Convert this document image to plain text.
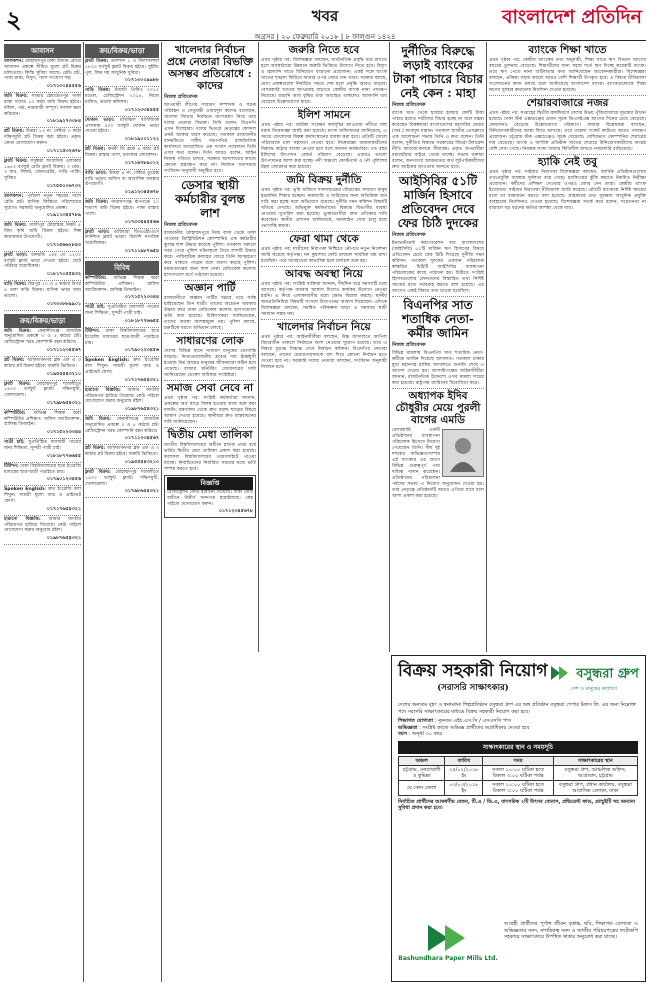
২	খবর	বাংলাদেশ প্রতিদিন
অগ্রসর | ২০ ফেব্রুয়ারি ২০১৮ | ৮ ফাল্গুন ১৪২৪
আবাসন

আলকশন: মোহাম্মদপুর ঢাকা উদ্যান রোডে আবাসন প্রকল্পে সীমিত মূল্যে প্লট বিক্রয় চলিতেছে। কিস্তি সুবিধা আছে। রেডি প্লট, পাকা রাস্তা, বিদ্যুৎ, গ্যাস সংযোগ সহ।

০১৭১৩০৪৪৫৫৬

জমি বিক্রয়: সাভার হেমায়েতপুর পাকা রাস্তা সংলগ্ন ১০ কাঠা জমি বিক্রয় হইবে। দলিল, পর্চা, নামজারী সম্পূর্ণ। দালাল ক্ষমা করিবেন।

০১৮১৯২৭৩০৮৪

প্লট বিক্রয়: উত্তরা ১৩ নং সেক্টরে ৩ কাঠা দক্ষিণমুখী প্লট বিক্রয় করা হইবে। প্রকৃত ক্রেতা যোগাযোগ করুন।

০১৭১১৫৩২৬৭৮

ফ্ল্যাট বিক্রয়: বসুন্ধরা আবাসিক এলাকায় ১৬৫০ বর্গফুট রেডি ফ্ল্যাট বিক্রয়। ৩ বেড, ৩ বাথ, লিফট, জেনারেটর, গাড়ি পার্কিং সুবিধা।

০১৭৫৫০০৬৭৩২

আলকশন: পূর্বাচল নতুন শহরের পাশে রেডি প্লট। মাসিক কিস্তিতে পরিশোধের সুযোগ। সরকারি অনুমোদিত প্রকল্প।

০১৯১১৩৪৫৭৮৯

জমি বিক্রয়: গাজীপুর চৌরাস্তার নিকট ৫ বিঘা কৃষি জমি বিক্রয় হইবে। শিল্প কারখানার উপযোগী।

০১৭১৫৬৬২৮৪৩

ফ্ল্যাট ভাড়া: ধানমন্ডি ৮/এ তে ১২০০ বর্গফুট ফ্ল্যাট ভাড়া দেওয়া হইবে। ছোট পরিবার অগ্রাধিকার।

০১৮১৭০৫৫৪৩২

বাড়ি বিক্রয়: মিরপুর ১০ এ ৫ কাঠার উপর ৪ তলা বাড়ি বিক্রয়। মাসিক ভাড়া আয় ভালো।

০১৭৩০৮৮৯৯০১
ক্রয়/বিক্রয়/ভাড়া

জমি বিক্রয়: কেরানীগঞ্জে রাজউক অনুমোদিত প্রকল্পে ৩ ও ৫ কাঠার প্লট। রেজিস্ট্রেশন খরচ কোম্পানি বহন করিবে।

০১৭১১২৩৪৫৬৭

প্লট বিক্রয়: আফতাবনগর ব্লক এফ এ ৩ কাঠার প্লট বিক্রয় হইবে। জরুরি ভিত্তিতে।

০১৯৫৫৪৪৩২১০

ফ্ল্যাট বিক্রয়: মোহাম্মদপুর শ্যামলীতে ১৪০০ বর্গফুট ফ্ল্যাট। দক্ষিণমুখী, খোলামেলা।

০১৭৯৮৬৫৪৩২১

কম্পিউটার: অভিজ্ঞ শিক্ষক দ্বারা কম্পিউটার প্রশিক্ষণ। অফিস অ্যাপ্লিকেশন, গ্রাফিক্স ডিজাইন।

০১৭১৫২২৩৩৪৪

পাত্রী চাই: সুপ্রতিষ্ঠিত ব্যবসায়ী পাত্রের জন্য শিক্ষিতা, সুন্দরী পাত্রী চাই।

০১৮১৮৭৭৬৬৫৫

টিউশন: ঢাকা বিশ্ববিদ্যালয়ের ছাত্র ইংরেজি মাধ্যমের ছাত্র-ছাত্রী পড়াইতে চায়।

০১৭৯০১২৩৪৫৬

Spoken English: দ্রুত ইংরেজি বলা শিখুন। সাশ্রয়ী মূল্যে ব্যাচ ও প্রাইভেট কোর্স।

০১৭১৭৬৫৪৩২১

হারানো বিজ্ঞপ্তি: আমার জাতীয় পরিচয়পত্র হারিয়ে গিয়েছে। কেউ পাইলে যোগাযোগ করার অনুরোধ রইল।

০১৯৮৭৬৫৪৩২১
ক্রয়/বিক্রয়/ভাড়া

ফ্ল্যাট বিক্রয়: গুলশান ২ এ বিলাসবহুল ২৮০০ বর্গফুট ফ্ল্যাট বিক্রয় হইবে। সুইমিং পুল, জিম সহ আধুনিক সুবিধা।

০১৭১৩০০৯৯৮৮

গাড়ি বিক্রয়: টয়োটা প্রিমিও ২০১২ মডেল, রেজিস্ট্রেশন ২০১৪, নিজে চালিত, ভালো কন্ডিশন।

০১৭১২৩৩৪৪৫৫

দোকান ভাড়া: মতিঝিল বাণিজ্যিক এলাকায় ৫০০ বর্গফুট দোকান ভাড়া দেওয়া হইবে।

০১৮১৯০০১১২২

প্লট বিক্রয়: বনশ্রী ডি ব্লকে ৪ কাঠা প্লট বিক্রয়। রাস্তার পাশে, চমৎকার লোকেশন।

০১৭১৬৭৮৯০১২

বাড়ি ভাড়া: উত্তরা ৪ নং সেক্টরে ডুপ্লেক্স বাড়ি ভাড়া। অফিস বা আবাসিক ব্যবহার উপযোগী।

০১৯১২৩৪৫৬৭৮

জমি বিক্রয়: নারায়ণগঞ্জ রূপগঞ্জে ২০ শতাংশ জমি বিক্রয় হইবে। পাকা রাস্তার পাশে।

০১৭৩৩৪৪৫৫৬৬

ফ্ল্যাট ভাড়া: বারিধারা ডিওএইচএসে ফার্নিশড ফ্ল্যাট ভাড়া। বিদেশি নাগরিক অগ্রাধিকার।

০১৭১১৯৮৭৬৫৪
বিবিধ

কম্পিউটার: অভিজ্ঞ শিক্ষক দ্বারা কম্পিউটার প্রশিক্ষণ। অফিস অ্যাপ্লিকেশন, গ্রাফিক্স ডিজাইন।

০১৭১৫২২৩৩৪৪

পাত্রী চাই: সুপ্রতিষ্ঠিত ব্যবসায়ী পাত্রের জন্য শিক্ষিতা, সুন্দরী পাত্রী চাই।

০১৮১৮৭৭৬৬৫৫

টিউশন: ঢাকা বিশ্ববিদ্যালয়ের ছাত্র ইংরেজি মাধ্যমের ছাত্র-ছাত্রী পড়াইতে চায়।

০১৭৯০১২৩৪৫৬

Spoken English: দ্রুত ইংরেজি বলা শিখুন। সাশ্রয়ী মূল্যে ব্যাচ ও প্রাইভেট কোর্স।

০১৭১৭৬৫৪৩২১

হারানো বিজ্ঞপ্তি: আমার জাতীয় পরিচয়পত্র হারিয়ে গিয়েছে। কেউ পাইলে যোগাযোগ করার অনুরোধ রইল।

০১৯৮৭৬৫৪৩২১

জমি বিক্রয়: কেরানীগঞ্জে রাজউক অনুমোদিত প্রকল্পে ৩ ও ৫ কাঠার প্লট। রেজিস্ট্রেশন খরচ কোম্পানি বহন করিবে।

০১৭১১২৩৪৫৬৭

প্লট বিক্রয়: আফতাবনগর ব্লক এফ এ ৩ কাঠার প্লট বিক্রয় হইবে। জরুরি ভিত্তিতে।

০১৯৫৫৪৪৩২১০

ফ্ল্যাট বিক্রয়: মোহাম্মদপুর শ্যামলীতে ১৪০০ বর্গফুট ফ্ল্যাট। দক্ষিণমুখী, খোলামেলা।

০১৭৯৮৬৫৪৩২১
খালেদার নির্বাচন প্রশ্নে নেতারা বিভক্তি অসম্ভব প্রতিরোধে : কাদের
নিজস্ব প্রতিবেদক

আওয়ামী লীগের সাধারণ সম্পাদক ও সড়ক পরিবহন ও সেতুমন্ত্রী ওবায়দুল কাদের বলেছেন, খালেদা জিয়ার নির্বাচনে অংশগ্রহণ নিয়ে তার দলের নেতারা বিভক্ত। তিনি বলেন, বিএনপি এখন দিশেহারা। দলের ভিতরে নেতৃত্বের কোন্দল প্রকট আকার ধারণ করেছে। গতকাল রাজধানীর ধানমন্ডিতে দলীয় সভাপতির রাজনৈতিক কার্যালয়ে আয়োজিত এক সংবাদ সম্মেলনে তিনি এসব কথা বলেন। তিনি আরও বলেন, আইন নিজস্ব গতিতে চলবে, সরকার আদালতের কাজে কোনো হস্তক্ষেপ করে না। নির্বাচন যথাসময়ে সংবিধান অনুযায়ী অনুষ্ঠিত হবে।

ডেসার স্থায়ী কর্মচারীর বুলন্ত লাশ
নিজস্ব প্রতিবেদক

রাজধানীর মোহাম্মদপুরে নিজ বাসা থেকে ঢাকা পাওয়ার ডিস্ট্রিবিউশন কোম্পানির এক কর্মচারীর ঝুলন্ত লাশ উদ্ধার করেছে পুলিশ। গতকাল সকালে খবর পেয়ে পুলিশ ঘটনাস্থলে গিয়ে লাশটি উদ্ধার করে। পারিবারিক কলহের জেরে তিনি আত্মহত্যা করে থাকতে পারেন বলে ধারণা করছে পুলিশ। ময়নাতদন্তের জন্য লাশ ঢাকা মেডিকেল কলেজ হাসপাতাল মর্গে পাঠানো হয়েছে।

অজ্ঞান পার্টি

রাজধানীতে অজ্ঞান পার্টির খপ্পরে পড়ে সর্বস্ব হারিয়েছেন তিন যাত্রী। তাদের অচেতন অবস্থায় উদ্ধার করে ঢাকা মেডিকেল কলেজ হাসপাতালে ভর্তি করা হয়েছে। চিকিৎসকরা জানিয়েছেন, তাদের অবস্থা আশঙ্কামুক্ত নয়। পুলিশ বলছে, চক্রটিকে ধরতে অভিযান চলছে।

সাধারণের লোক

দেশের বিভিন্ন স্থানে সাধারণ মানুষের ভোগান্তি বাড়ছে। নিত্যপ্রয়োজনীয় দ্রব্যের দাম ঊর্ধ্বমুখী হওয়ায় নিম্ন আয়ের মানুষের জীবনযাত্রা কঠিন হয়ে পড়েছে। বাজার মনিটরিং জোরদারের দাবি জানিয়েছেন ভোক্তা অধিকার সংশ্লিষ্টরা।

সমাজ সেবা নেবে না

প্রথম পৃষ্ঠার পর: সংশ্লিষ্ট কর্মকর্তারা জানান, প্রকল্পের অর্থ ছাড়ে বিলম্ব হওয়ায় কাজ শুরু করা যায়নি। মন্ত্রণালয় থেকে দ্রুত বরাদ্দ ছাড়ের বিষয়ে আশ্বাস দেওয়া হয়েছে। স্থানীয়রা দ্রুত বাস্তবায়নের দাবি জানিয়েছেন।

দ্বিতীয় মেধা তালিকা

জাতীয় বিশ্ববিদ্যালয়ের অধীনে স্নাতক প্রথম বর্ষে ভর্তির দ্বিতীয় মেধা তালিকা প্রকাশ করা হয়েছে। ফলাফল বিশ্ববিদ্যালয়ের ওয়েবসাইটে পাওয়া যাচ্ছে। নির্বাচিতদের নির্ধারিত সময়ের মধ্যে ভর্তি সম্পন্ন করতে হবে।

বিজ্ঞপ্তি

রেজিস্ট্রেশন কোড হারানো গিয়েছে। ঢাকা বোর্ড অধীনে উত্তীর্ণ সনদপত্র হারাইয়াছে। কেহ পাইলে যোগাযোগ করুন।

০১৭১২৩৪৫৬৭৮
জরুরি নিতে হবে

প্রথম পৃষ্ঠার পর: বিশেষজ্ঞরা বলছেন, অর্থনৈতিক প্রবৃদ্ধি ধরে রাখতে হলে অবকাঠামো উন্নয়নে জরুরি ভিত্তিতে উদ্যোগ নিতে হবে। বিদ্যুৎ ও জ্বালানি খাতে বিনিয়োগ বাড়ানো প্রয়োজন। একই সঙ্গে ব্যাংক খাতের শৃঙ্খলা ফিরিয়ে আনার ওপর জোর দেন তারা। সরকার বলছে, মেগা প্রকল্পগুলো নির্ধারিত সময়ে শেষ হলে প্রবৃদ্ধি আরও বাড়বে। বেসরকারি খাতের ঋণপ্রবাহ বাড়াতে কেন্দ্রীয় ব্যাংক নানা পদক্ষেপ নিয়েছে। রপ্তানি আয় বৃদ্ধির ধারা অব্যাহত থাকলেও আমদানি ব্যয় বেড়েছে উল্লেখযোগ্য হারে।

ইলিশ সামনে

প্রথম পৃষ্ঠার পর: জাটকা সংরক্ষণ কর্মসূচির আওতায় নদীতে মাছ ধরায় নিষেধাজ্ঞা জারি করা হয়েছে। মৎস্য অধিদফতর জানিয়েছে, এ সময়ে জেলেদের বিকল্প কর্মসংস্থানের ব্যবস্থা করা হবে। প্রতিটি জেলে পরিবারকে চাল সহায়তা দেওয়া হবে। নিষেধাজ্ঞা অমান্যকারীদের বিরুদ্ধে কঠোর ব্যবস্থা নেওয়া হবে বলে জানান কর্মকর্তারা। গত বছর ইলিশের উৎপাদন রেকর্ড পরিমাণ বেড়েছে। এবারও ভালো উৎপাদনের আশা করা হচ্ছে। নদী অঞ্চলে কোস্টগার্ড ও নৌ পুলিশের টহল জোরদার করা হয়েছে।

জমি বিক্রয় দুর্নীতি

প্রথম পৃষ্ঠার পর: ভূমি অফিসে দালালচক্রের দৌরাত্ম্যে সাধারণ মানুষ হয়রানির শিকার হচ্ছেন। নামজারি ও খারিজের জন্য অতিরিক্ত অর্থ দাবি করা হচ্ছে বলে অভিযোগ রয়েছে। দুর্নীতি দমন কমিশন বিষয়টি খতিয়ে দেখছে। অভিযুক্ত কর্মকর্তাদের বিরুদ্ধে বিভাগীয় ব্যবস্থা নেওয়ার সুপারিশ করা হয়েছে। ভুক্তভোগীরা দ্রুত প্রতিকার দাবি করেছেন। স্থানীয় প্রশাসন জানিয়েছে, অনলাইন সেবা চালু হলে ভোগান্তি কমবে।

ফেরা থামা থেকে

প্রথম পৃষ্ঠার পর: যাত্রীদের নিরাপত্তা নিশ্চিতে নৌপথে নতুন নির্দেশনা জারি করেছে কর্তৃপক্ষ। ঘন কুয়াশায় ফেরি চলাচল সাময়িক বন্ধ রাখা হয়েছিল। পরে আবহাওয়া স্বাভাবিক হলে চলাচল শুরু হয়।

আবদ্ধ অবস্থা নিয়ে

প্রথম পৃষ্ঠার পর: সংশ্লিষ্ট ব্যক্তিরা জানান, দীর্ঘদিন ধরে সমস্যাটি চলে আসছে। কর্তৃপক্ষ বারবার আশ্বাস দিলেও কার্যকর উদ্যোগ নেওয়া হয়নি। এ নিয়ে এলাকাবাসীর মধ্যে ক্ষোভ বিরাজ করছে। স্থানীয় জনপ্রতিনিধিরা বিষয়টি সংসদে উত্থাপনের আশ্বাস দিয়েছেন। এদিকে বিশেষজ্ঞরা বলছেন, সমন্বিত পরিকল্পনা ছাড়া এ সমস্যার স্থায়ী সমাধান সম্ভব নয়।

খালেদার নির্বাচন নিয়ে

প্রথম পৃষ্ঠার পর: আইনজীবীরা বলছেন, উচ্চ আদালতে আপিল বিচারাধীন থাকলে নির্বাচনে অংশ নেওয়ার সুযোগ রয়েছে। তবে এ বিষয়ে চূড়ান্ত সিদ্ধান্ত দেবে নির্বাচন কমিশন। বিএনপির নেতারা বলছেন, তাদের চেয়ারপারসনকে বাদ দিয়ে কোনো নির্বাচন হতে দেওয়া হবে না। সরকারি দলের নেতারা বলছেন, সংবিধান অনুযায়ী নির্বাচন হবে।

দুর্নীতির বিরুদ্ধে লড়াই ব্যাংকের টাকা পাচারে বিচার নেই কেন : মাহা
নিজস্ব প্রতিবেদক

ব্যাংক খাত থেকে হাজার হাজার কোটি টাকা পাচার হলেও দায়ীদের বিচার হচ্ছে না বলে মন্তব্য করেছেন বিকল্পধারা বাংলাদেশের মহাসচিব মেজর (অব.) আবদুল মান্নান। গতকাল জাতীয় প্রেসক্লাবে এক আলোচনা সভায় তিনি এ কথা বলেন। তিনি বলেন, দুর্নীতির বিরুদ্ধে সরকারের জিরো টলারেন্স নীতি কাগজে-কলমে সীমাবদ্ধ। প্রকৃত অপরাধীরা ধরাছোঁয়ার বাইরে থেকে যাচ্ছে। সভায় বক্তারা বলেন, জনগণের আমানতের অর্থ লুটপাটকারীদের দ্রুত আইনের আওতায় আনতে হবে।

আইসিবির ৫১টি মার্জিন হিসাবে প্রতিবেদন দেবে ফের চিঠি দুদকের
নিজস্ব প্রতিবেদক

ইনভেস্টমেন্ট করপোরেশন অব বাংলাদেশের (আইসিবি) ৫১টি মার্জিন ঋণ হিসাবের বিষয়ে প্রতিবেদন চেয়ে ফের চিঠি দিয়েছে দুর্নীতি দমন কমিশন। গতকাল দুদকের একজন পরিচালক স্বাক্ষরিত চিঠিটি আইসিবির ব্যবস্থাপনা পরিচালকের কাছে পাঠানো হয়। চিঠিতে সংশ্লিষ্ট হিসাবগুলোর লেনদেনের বিস্তারিত তথ্য নির্দিষ্ট সময়ের মধ্যে সরবরাহ করতে বলা হয়েছে। এর আগেও একই বিষয়ে তথ্য চাওয়া হয়েছিল।

বিএনপির সাত শতাধিক নেতা-কর্মীর জামিন
নিজস্ব প্রতিবেদক

বিভিন্ন মামলায় বিএনপির সাত শতাধিক নেতা-কর্মীকে জামিন দিয়েছে আদালত। গতকাল ঢাকার মুখ্য মহানগর হাকিম আদালতে শুনানি শেষে এ আদেশ দেওয়া হয়। আসামিপক্ষের আইনজীবীরা জানান, রাজনৈতিক উদ্দেশ্যে এসব মামলা দায়ের করা হয়েছে। রাষ্ট্রপক্ষ জামিনের বিরোধিতা করে।

অধ্যাপক ইদিব চৌধুরীর মেয়ে পুরলী বাগের এমডি

বেসরকারি একটি প্রতিষ্ঠানের ব্যবস্থাপনা পরিচালক হিসেবে নিয়োগ পেয়েছেন তিনি। দীর্ঘ দুই দশকের অভিজ্ঞতাসম্পন্ন এই ব্যাংকার এর আগে বিভিন্ন গুরুত্বপূর্ণ পদে দায়িত্ব পালন করেছেন। প্রতিষ্ঠানের পরিচালনা পর্ষদের সভায় এ নিয়োগ অনুমোদন দেওয়া হয়। তার নেতৃত্বে প্রতিষ্ঠানটি আরও এগিয়ে যাবে বলে আশা প্রকাশ করা হয়েছে।

ব্যাংকে শিক্ষা খাতে

প্রথম পৃষ্ঠার পর: কেন্দ্রীয় ব্যাংকের তথ্য অনুযায়ী, শিক্ষা খাতে ঋণ বিতরণ আগের বছরের তুলনায় বেড়েছে। শিক্ষার্থীদের জন্য সহজ শর্তে ঋণ দিচ্ছে কয়েকটি ব্যাংক। তবে ঋণ পেতে নানা জটিলতার কথা জানিয়েছেন আবেদনকারীরা। বিশেষজ্ঞরা বলছেন, প্রক্রিয়া সহজ করলে আরও বেশি শিক্ষার্থী উপকৃত হবে। এ বিষয়ে নীতিমালা সংশোধনের কাজ চলছে বলে জানিয়েছে বাংলাদেশ ব্যাংক। ব্যাংকগুলোকে শিক্ষা ঋণের সুদহার কমানোর নির্দেশনা দেওয়া হয়েছে।

শেয়ারবাজারে নজর

প্রথম পৃষ্ঠার পর: সপ্তাহের দ্বিতীয় কার্যদিবসে দেশের উভয় পুঁজিবাজারে সূচকের উত্থান হয়েছে। ঢাকা স্টক এক্সচেঞ্জের প্রধান সূচক ডিএসইএক্স আগের দিনের চেয়ে বেড়েছে। লেনদেনও বেড়েছে উল্লেখযোগ্য পরিমাণে। বাজার বিশ্লেষকরা বলছেন, বিনিয়োগকারীদের আস্থা ফিরে আসছে। তবে তারল্য সংকট কাটাতে আরও পদক্ষেপ প্রয়োজন। চট্টগ্রাম স্টক এক্সচেঞ্জেও সূচক বেড়েছে। বেশিরভাগ কোম্পানির শেয়ারের দাম বেড়েছে। ব্যাংক ও আর্থিক প্রতিষ্ঠান খাতের শেয়ারে বিনিয়োগকারীদের আগ্রহ বেশি দেখা গেছে। নিয়ন্ত্রক সংস্থা বাজার স্থিতিশীল রাখতে নজরদারি বাড়িয়েছে।

হ্যাকি নেই তবু

প্রথম পৃষ্ঠার পর: সাইবার নিরাপত্তা বিশেষজ্ঞরা বলছেন, আর্থিক প্রতিষ্ঠানগুলোর তথ্যপ্রযুক্তি ব্যবস্থায় দুর্বলতা রয়ে গেছে। হ্যাকিংয়ের ঝুঁকি কমাতে নিয়মিত নিরীক্ষা প্রয়োজন। কর্মীদের প্রশিক্ষণ দেওয়ার ওপরও জোর দেন তারা। কেন্দ্রীয় ব্যাংক ইতোমধ্যে সাইবার নিরাপত্তা নীতিমালা জারি করেছে। প্রতিটি ব্যাংককে নির্দিষ্ট সময়ের মধ্যে তা বাস্তবায়ন করতে বলা হয়েছে। গ্রাহকদের তথ্য সুরক্ষায় আধুনিক প্রযুক্তি ব্যবহারের নির্দেশনাও দেওয়া হয়েছে। বিশেষজ্ঞরা সতর্ক করে বলেন, সচেতনতা না বাড়ালে বড় ধরনের ক্ষতির আশঙ্কা থেকে যায়।

বিক্রয় সহকারী নিয়োগ
(সরাসরি সাক্ষাৎকার)
বসুন্ধরা গ্রুপ
দেশ ও মানুষের কল্যাণে

দেশের অন্যতম বৃহৎ ও স্বনামধন্য শিল্পপ্রতিষ্ঠান বসুন্ধরা গ্রুপ এর অঙ্গ প্রতিষ্ঠান বসুন্ধরা পেপার মিলস লি. এর জন্য নিম্নোক্ত পদে সরাসরি সাক্ষাৎকারের মাধ্যমে বিক্রয় সহকারী নিয়োগ করা হবে।

শিক্ষাগত যোগ্যতা : ন্যূনতম এইচ.এস.সি / এসএসসি পাস
অভিজ্ঞতা : সংশ্লিষ্ট কাজে অভিজ্ঞ প্রার্থীদের অগ্রাধিকার দেওয়া হবে
বয়স : অনূর্ধ্ব ৩০ বছর
সাক্ষাৎকারের স্থান ও সময়সূচি
অঞ্চল	তারিখ	সময়	সাক্ষাৎকারের স্থান
চট্টগ্রাম, নোয়াখালী ও কুমিল্লা	২৫/০২/২০১৮ ইং	সকাল ১০:০০ ঘটিকা হতে বিকাল ৩:০০ ঘটিকা পর্যন্ত	বসুন্ধরা গ্রুপ, আঞ্চলিক অফিস, আগ্রাবাদ, চট্টগ্রাম
যে কোন জেলা	০৩/০৩/২০১৮ ইং	সকাল ১০:০০ ঘটিকা হতে বিকাল ৩:০০ ঘটিকা পর্যন্ত	বসুন্ধরা গ্রুপ, প্রধান কার্যালয়, বসুন্ধরা আবাসিক এলাকা, ঢাকা

নির্বাচিত প্রার্থীদের আকর্ষণীয় বেতন, টি.এ / ডি.এ, বাৎসরিক ২টি উৎসব বোনাস, প্রভিডেন্ট ফান্ড, গ্র্যাচুইটি সহ অন্যান্য সুবিধা প্রদান করা হবে।

Bashundhara Paper Mills Ltd.

আগ্রহী প্রার্থীদের পূর্ণাঙ্গ জীবন বৃত্তান্ত, ছবি, শিক্ষাগত যোগ্যতা ও অভিজ্ঞতার সনদ, নাগরিকত্ব সনদ ও জাতীয় পরিচয়পত্রের ফটোকপি সহকারে সাক্ষাৎকারে উপস্থিত থাকার অনুরোধ করা যাচ্ছে।
